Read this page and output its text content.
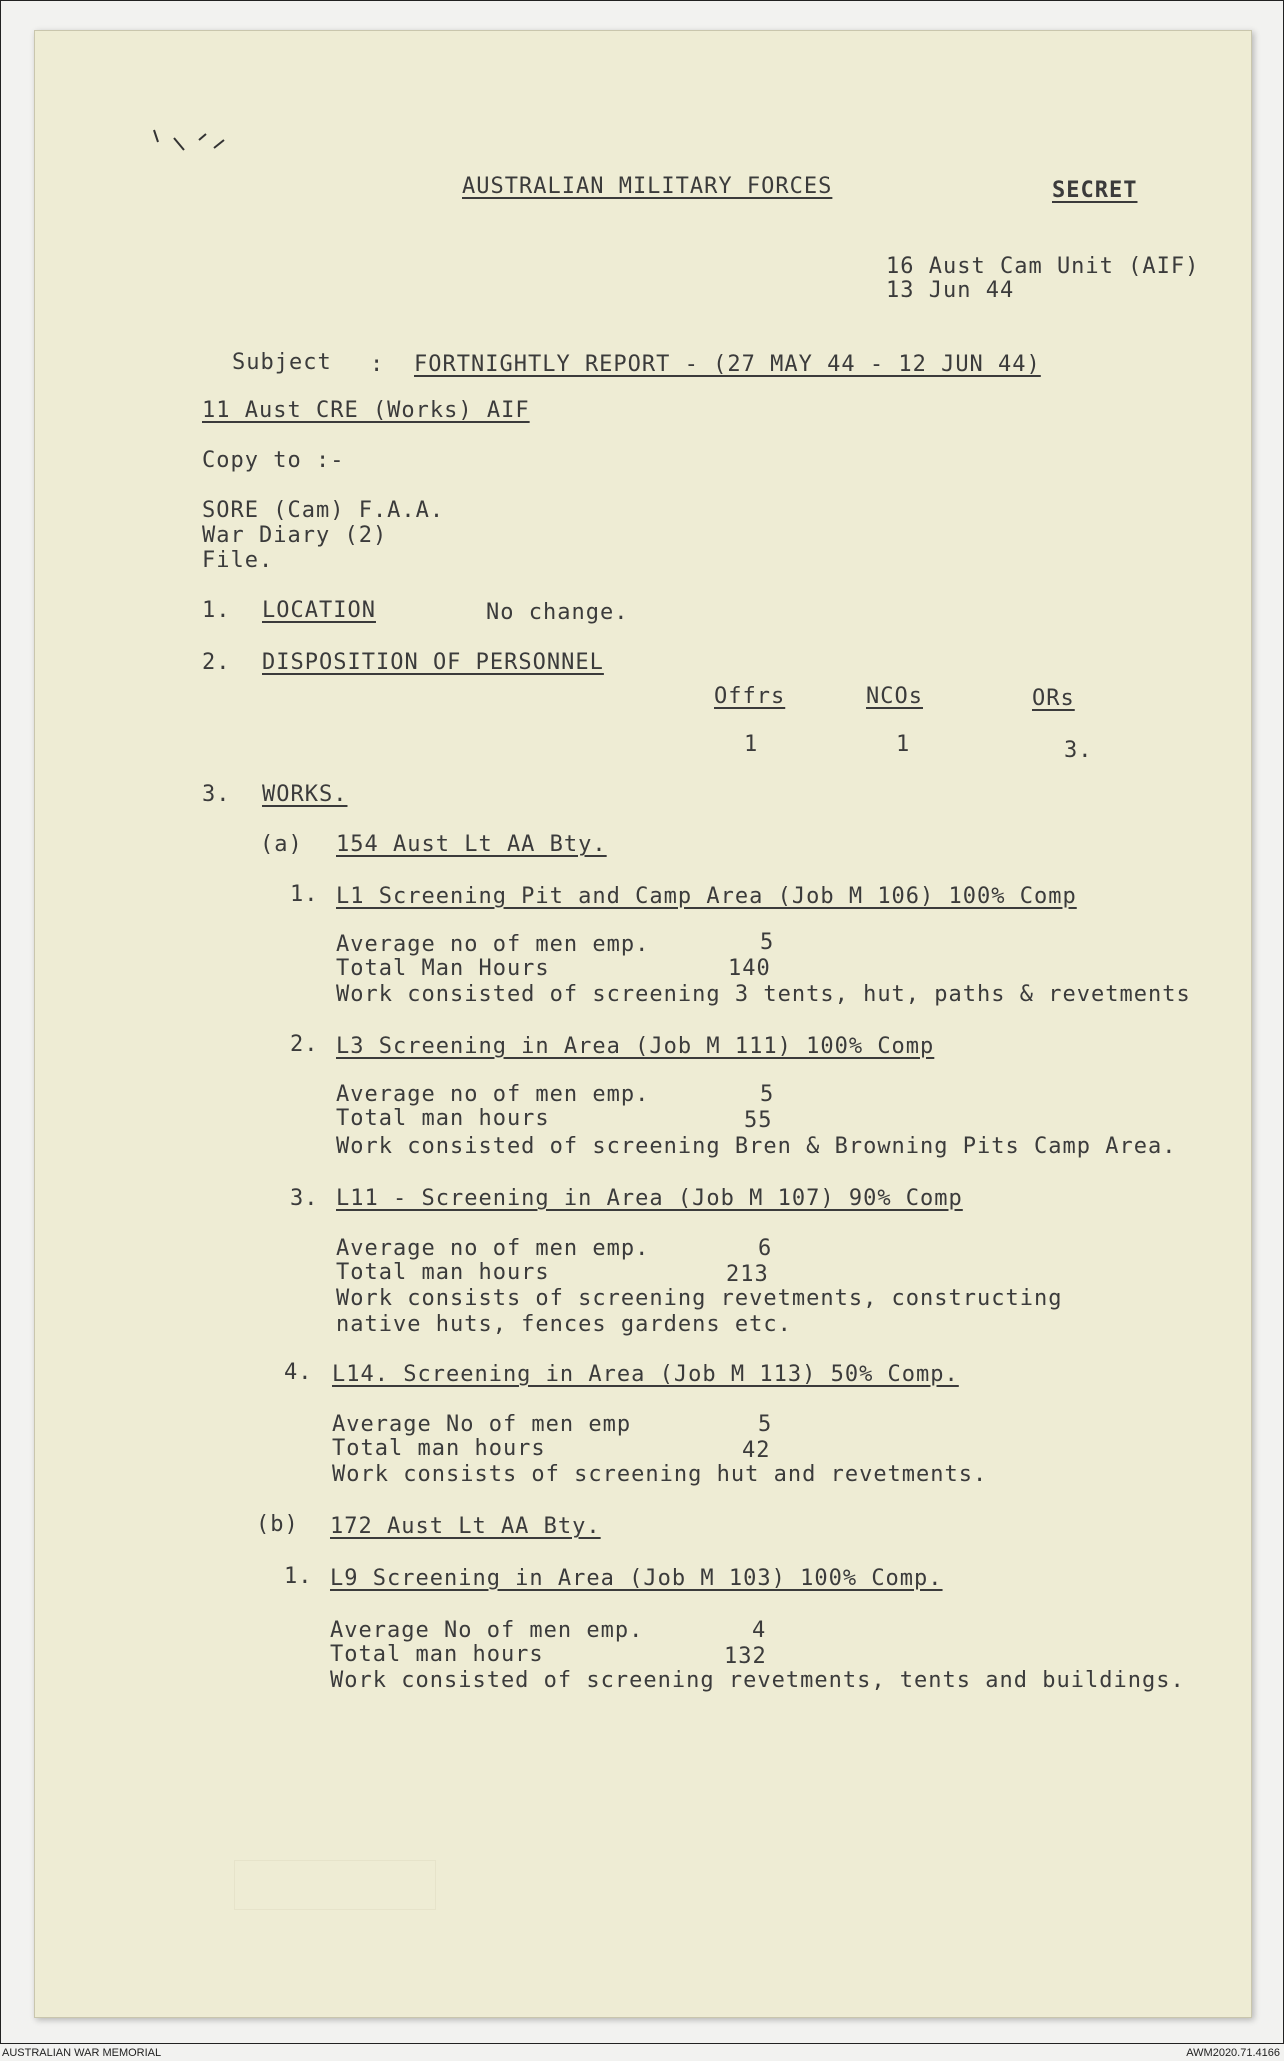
AUSTRALIAN MILITARY FORCES	SECRET
16 Aust Cam Unit (AIF)
13 Jun 44
Subject : FORTNIGHTLY REPORT - (27 MAY 44 - 12 JUN 44)
11 Aust CRE (Works) AIF
Copy to :-
SORE (Cam) F.A.A.
War Diary (2)
File.
1. LOCATION	No change.
2. DISPOSITION OF PERSONNEL
Offrs	NCOs	ORs
1	1	3.
3. WORKS.
(a) 154 Aust Lt AA Bty.
1. L1 Screening Pit and Camp Area (Job M 106) 100% Comp
Average no of men emp.	5
Total Man Hours	140
Work consisted of screening 3 tents, hut, paths & revetments
2. L3 Screening in Area (Job M 111) 100% Comp
Average no of men emp.	5
Total man hours	55
Work consisted of screening Bren & Browning Pits Camp Area.
3. L11 - Screening in Area (Job M 107) 90% Comp
Average no of men emp.	6
Total man hours	213
Work consists of screening revetments, constructing
native huts, fences gardens etc.
4. L14. Screening in Area (Job M 113) 50% Comp.
Average No of men emp	5
Total man hours	42
Work consists of screening hut and revetments.
(b) 172 Aust Lt AA Bty.
1. L9 Screening in Area (Job M 103) 100% Comp.
Average No of men emp.	4
Total man hours	132
Work consisted of screening revetments, tents and buildings.
AUSTRALIAN WAR MEMORIAL	AWM2020.71.4166
